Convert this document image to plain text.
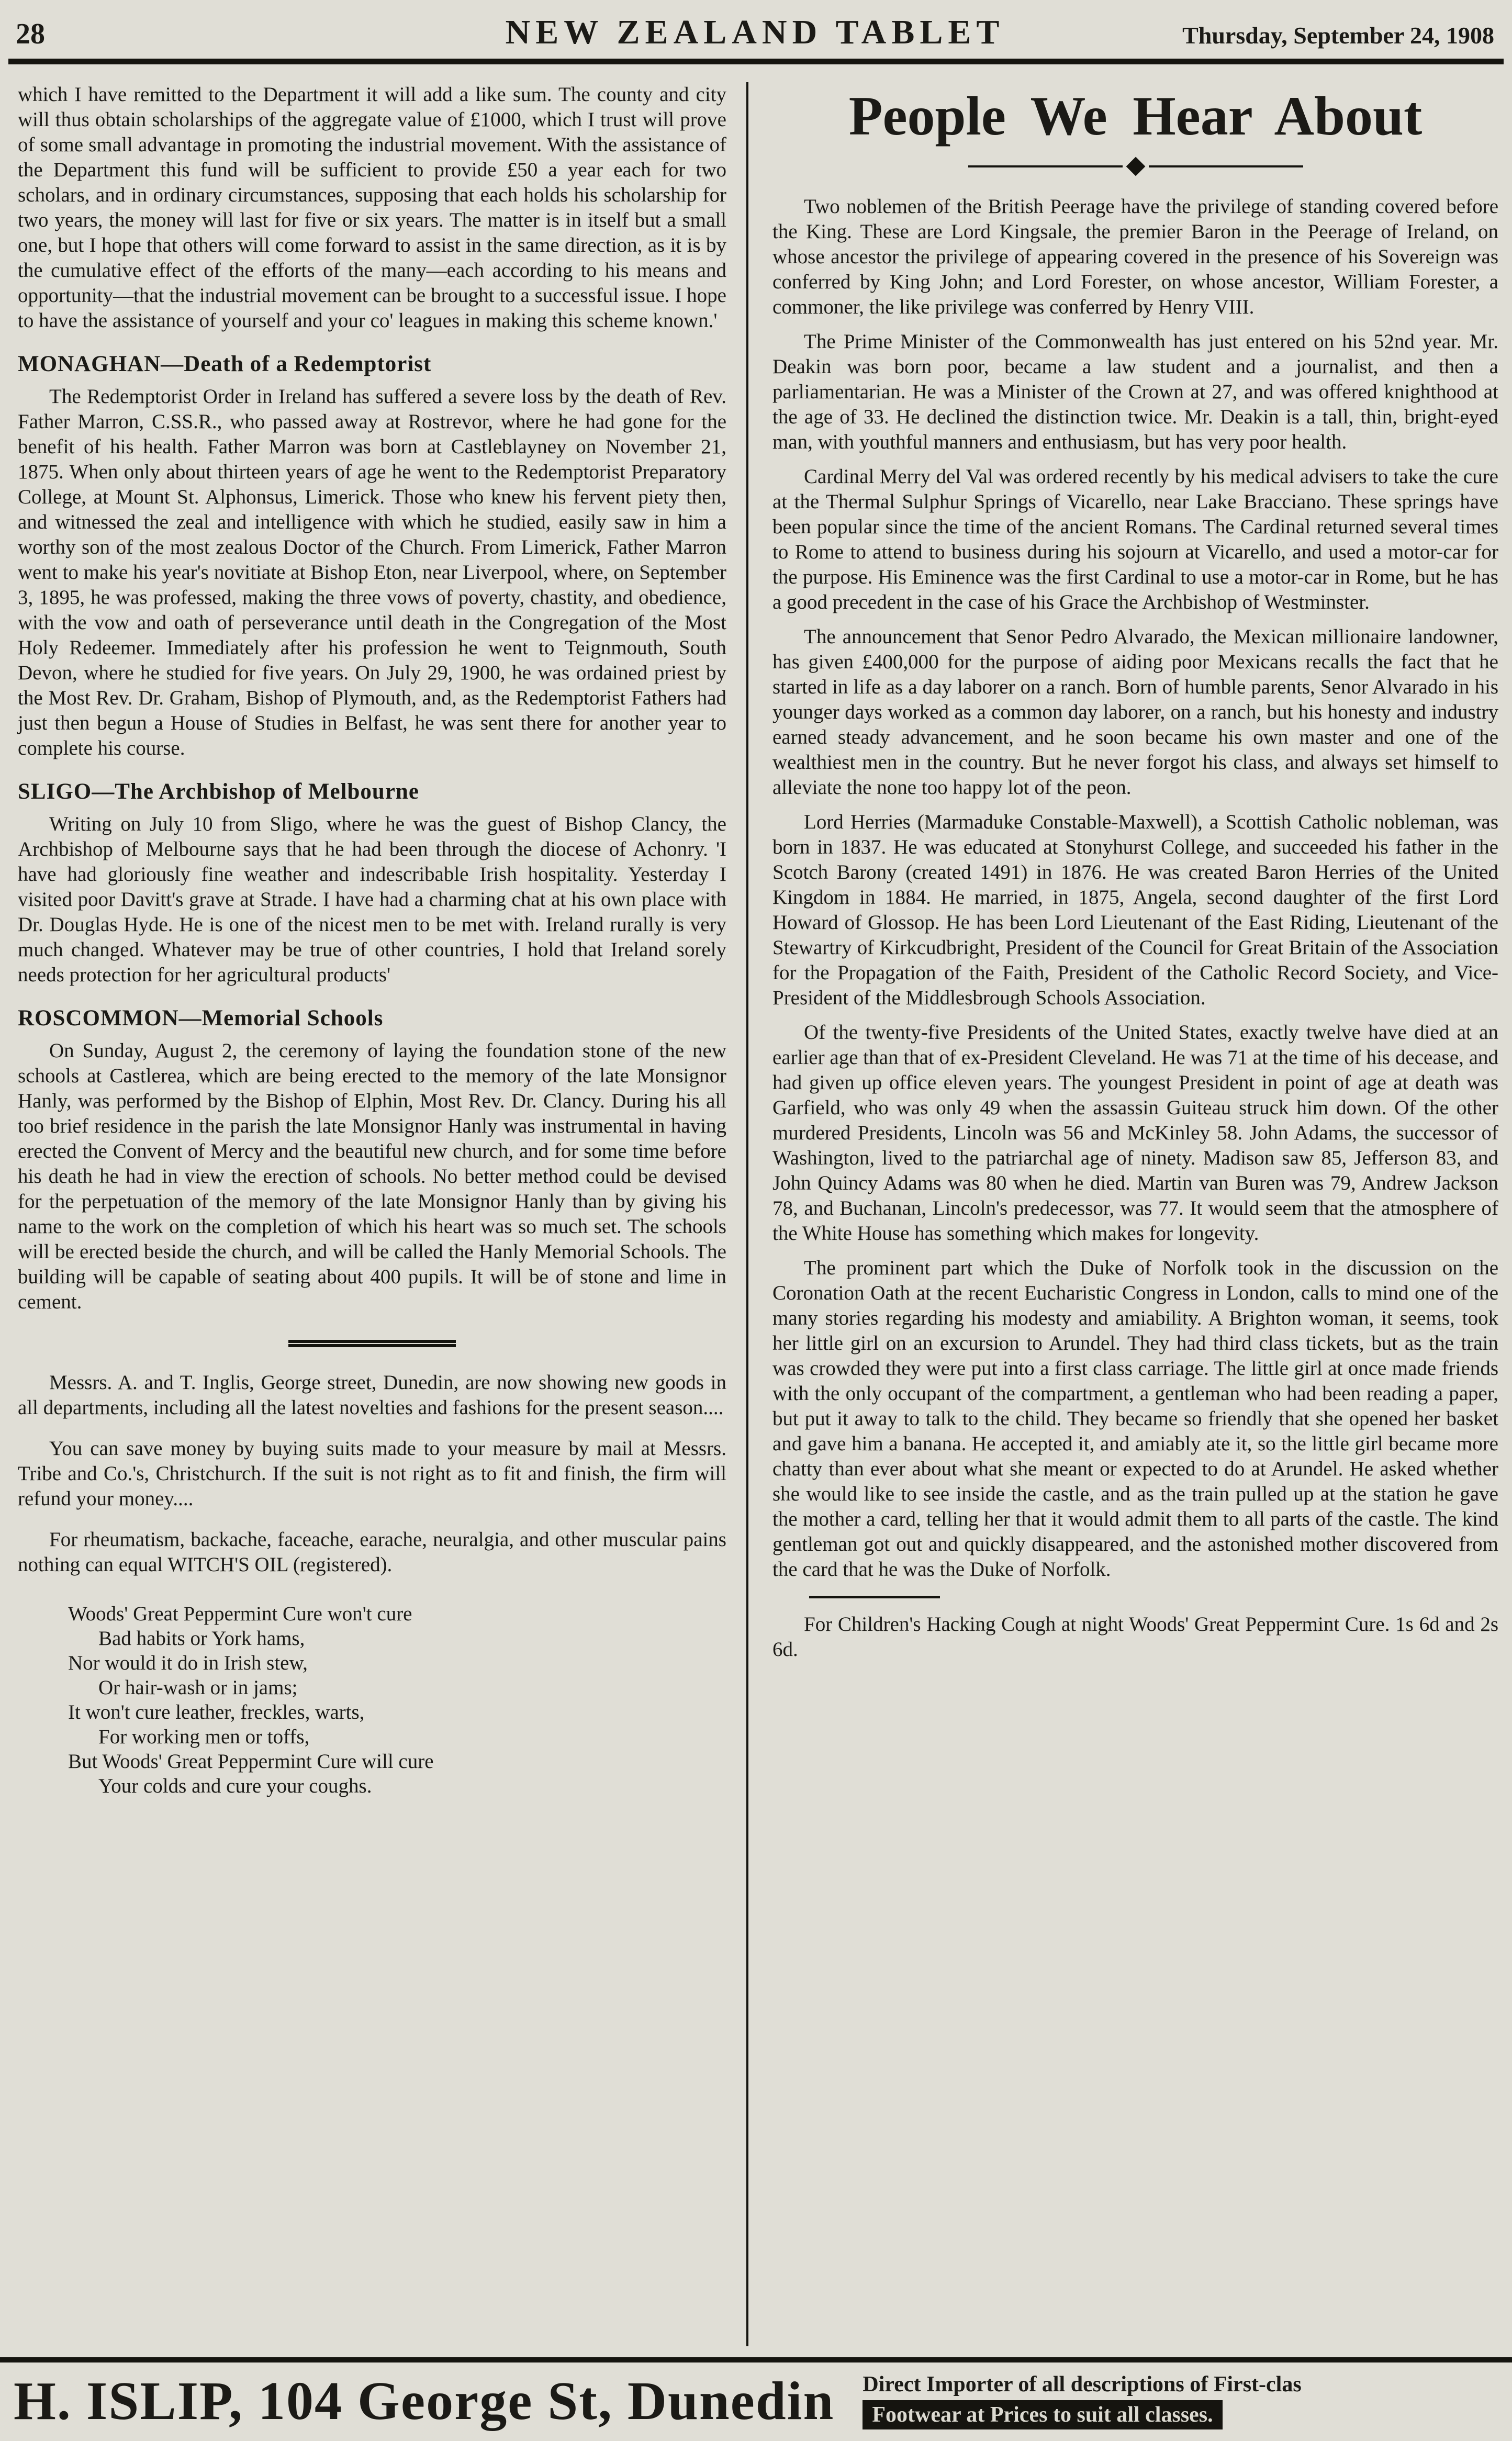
28	NEW ZEALAND TABLET	Thursday, September 24, 1908

which I have remitted to the Department it will add a like sum. The county and city will thus obtain scholarships of the aggregate value of £1000, which I trust will prove of some small advantage in promoting the industrial movement. With the assistance of the Department this fund will be sufficient to provide £50 a year each for two scholars, and in ordinary circumstances, supposing that each holds his scholarship for two years, the money will last for five or six years. The matter is in itself but a small one, but I hope that others will come forward to assist in the same direction, as it is by the cumulative effect of the efforts of the many—each according to his means and opportunity—that the industrial movement can be brought to a successful issue. I hope to have the assistance of yourself and your co' leagues in making this scheme known.'

MONAGHAN—Death of a Redemptorist

The Redemptorist Order in Ireland has suffered a severe loss by the death of Rev. Father Marron, C.SS.R., who passed away at Rostrevor, where he had gone for the benefit of his health. Father Marron was born at Castleblayney on November 21, 1875. When only about thirteen years of age he went to the Redemptorist Preparatory College, at Mount St. Alphonsus, Limerick. Those who knew his fervent piety then, and witnessed the zeal and intelligence with which he studied, easily saw in him a worthy son of the most zealous Doctor of the Church. From Limerick, Father Marron went to make his year's novitiate at Bishop Eton, near Liverpool, where, on September 3, 1895, he was professed, making the three vows of poverty, chastity, and obedience, with the vow and oath of perseverance until death in the Congregation of the Most Holy Redeemer. Immediately after his profession he went to Teignmouth, South Devon, where he studied for five years. On July 29, 1900, he was ordained priest by the Most Rev. Dr. Graham, Bishop of Plymouth, and, as the Redemptorist Fathers had just then begun a House of Studies in Belfast, he was sent there for another year to complete his course.

SLIGO—The Archbishop of Melbourne

Writing on July 10 from Sligo, where he was the guest of Bishop Clancy, the Archbishop of Melbourne says that he had been through the diocese of Achonry. 'I have had gloriously fine weather and indescribable Irish hospitality. Yesterday I visited poor Davitt's grave at Strade. I have had a charming chat at his own place with Dr. Douglas Hyde. He is one of the nicest men to be met with. Ireland rurally is very much changed. Whatever may be true of other countries, I hold that Ireland sorely needs protection for her agricultural products'

ROSCOMMON—Memorial Schools

On Sunday, August 2, the ceremony of laying the foundation stone of the new schools at Castlerea, which are being erected to the memory of the late Monsignor Hanly, was performed by the Bishop of Elphin, Most Rev. Dr. Clancy. During his all too brief residence in the parish the late Monsignor Hanly was instrumental in having erected the Convent of Mercy and the beautiful new church, and for some time before his death he had in view the erection of schools. No better method could be devised for the perpetuation of the memory of the late Monsignor Hanly than by giving his name to the work on the completion of which his heart was so much set. The schools will be erected beside the church, and will be called the Hanly Memorial Schools. The building will be capable of seating about 400 pupils. It will be of stone and lime in cement.

Messrs. A. and T. Inglis, George street, Dunedin, are now showing new goods in all departments, including all the latest novelties and fashions for the present season....

You can save money by buying suits made to your measure by mail at Messrs. Tribe and Co.'s, Christchurch. If the suit is not right as to fit and finish, the firm will refund your money....

For rheumatism, backache, faceache, earache, neuralgia, and other muscular pains nothing can equal WITCH'S OIL (registered).

Woods' Great Peppermint Cure won't cure
Bad habits or York hams,
Nor would it do in Irish stew,
Or hair-wash or in jams;
It won't cure leather, freckles, warts,
For working men or toffs,
But Woods' Great Peppermint Cure will cure
Your colds and cure your coughs.
People We Hear About

Two noblemen of the British Peerage have the privilege of standing covered before the King. These are Lord Kingsale, the premier Baron in the Peerage of Ireland, on whose ancestor the privilege of appearing covered in the presence of his Sovereign was conferred by King John; and Lord Forester, on whose ancestor, William Forester, a commoner, the like privilege was conferred by Henry VIII.

The Prime Minister of the Commonwealth has just entered on his 52nd year. Mr. Deakin was born poor, became a law student and a journalist, and then a parliamentarian. He was a Minister of the Crown at 27, and was offered knighthood at the age of 33. He declined the distinction twice. Mr. Deakin is a tall, thin, bright-eyed man, with youthful manners and enthusiasm, but has very poor health.

Cardinal Merry del Val was ordered recently by his medical advisers to take the cure at the Thermal Sulphur Springs of Vicarello, near Lake Bracciano. These springs have been popular since the time of the ancient Romans. The Cardinal returned several times to Rome to attend to business during his sojourn at Vicarello, and used a motor-car for the purpose. His Eminence was the first Cardinal to use a motor-car in Rome, but he has a good precedent in the case of his Grace the Archbishop of Westminster.

The announcement that Senor Pedro Alvarado, the Mexican millionaire landowner, has given £400,000 for the purpose of aiding poor Mexicans recalls the fact that he started in life as a day laborer on a ranch. Born of humble parents, Senor Alvarado in his younger days worked as a common day laborer, on a ranch, but his honesty and industry earned steady advancement, and he soon became his own master and one of the wealthiest men in the country. But he never forgot his class, and always set himself to alleviate the none too happy lot of the peon.

Lord Herries (Marmaduke Constable-Maxwell), a Scottish Catholic nobleman, was born in 1837. He was educated at Stonyhurst College, and succeeded his father in the Scotch Barony (created 1491) in 1876. He was created Baron Herries of the United Kingdom in 1884. He married, in 1875, Angela, second daughter of the first Lord Howard of Glossop. He has been Lord Lieutenant of the East Riding, Lieutenant of the Stewartry of Kirkcudbright, President of the Council for Great Britain of the Association for the Propagation of the Faith, President of the Catholic Record Society, and Vice-President of the Middlesbrough Schools Association.

Of the twenty-five Presidents of the United States, exactly twelve have died at an earlier age than that of ex-President Cleveland. He was 71 at the time of his decease, and had given up office eleven years. The youngest President in point of age at death was Garfield, who was only 49 when the assassin Guiteau struck him down. Of the other murdered Presidents, Lincoln was 56 and McKinley 58. John Adams, the successor of Washington, lived to the patriarchal age of ninety. Madison saw 85, Jefferson 83, and John Quincy Adams was 80 when he died. Martin van Buren was 79, Andrew Jackson 78, and Buchanan, Lincoln's predecessor, was 77. It would seem that the atmosphere of the White House has something which makes for longevity.

The prominent part which the Duke of Norfolk took in the discussion on the Coronation Oath at the recent Eucharistic Congress in London, calls to mind one of the many stories regarding his modesty and amiability. A Brighton woman, it seems, took her little girl on an excursion to Arundel. They had third class tickets, but as the train was crowded they were put into a first class carriage. The little girl at once made friends with the only occupant of the compartment, a gentleman who had been reading a paper, but put it away to talk to the child. They became so friendly that she opened her basket and gave him a banana. He accepted it, and amiably ate it, so the little girl became more chatty than ever about what she meant or expected to do at Arundel. He asked whether she would like to see inside the castle, and as the train pulled up at the station he gave the mother a card, telling her that it would admit them to all parts of the castle. The kind gentleman got out and quickly disappeared, and the astonished mother discovered from the card that he was the Duke of Norfolk.

For Children's Hacking Cough at night Woods' Great Peppermint Cure. 1s 6d and 2s 6d.

H. ISLIP, 104 George St, Dunedin Direct Importer of all descriptions of First-clas
Footwear at Prices to suit all classes.
